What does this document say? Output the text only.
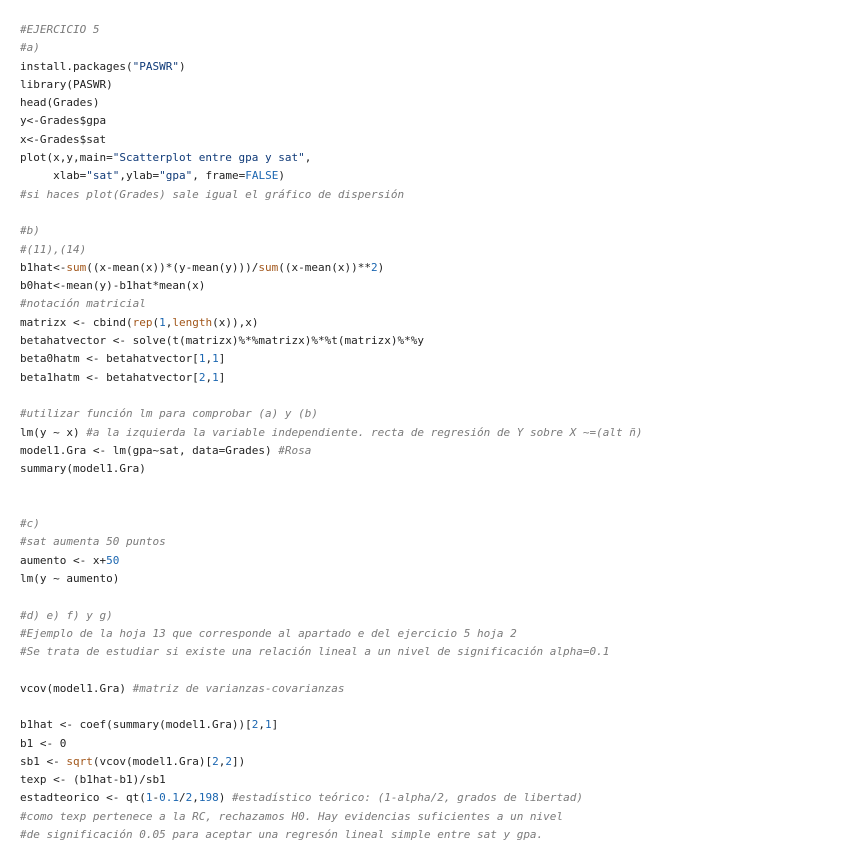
#EJERCICIO 5
#a)
install.packages("PASWR")
library(PASWR)
head(Grades)
y<-Grades$gpa
x<-Grades$sat
plot(x,y,main="Scatterplot entre gpa y sat",
xlab="sat",ylab="gpa", frame=FALSE)
#si haces plot(Grades) sale igual el gráfico de dispersión

#b)
#(11),(14)
b1hat<-sum((x-mean(x))*(y-mean(y)))/sum((x-mean(x))**2)
b0hat<-mean(y)-b1hat*mean(x)
#notación matricial
matrizx <- cbind(rep(1,length(x)),x)
betahatvector <- solve(t(matrizx)%*%matrizx)%*%t(matrizx)%*%y
beta0hatm <- betahatvector[1,1]
beta1hatm <- betahatvector[2,1]

#utilizar función lm para comprobar (a) y (b)
lm(y ~ x) #a la izquierda la variable independiente. recta de regresión de Y sobre X ~=(alt ñ)
model1.Gra <- lm(gpa~sat, data=Grades) #Rosa
summary(model1.Gra)

#c)
#sat aumenta 50 puntos
aumento <- x+50
lm(y ~ aumento)

#d) e) f) y g)
#Ejemplo de la hoja 13 que corresponde al apartado e del ejercicio 5 hoja 2
#Se trata de estudiar si existe una relación lineal a un nivel de significación alpha=0.1

vcov(model1.Gra) #matriz de varianzas-covarianzas

b1hat <- coef(summary(model1.Gra))[2,1]
b1 <- 0
sb1 <- sqrt(vcov(model1.Gra)[2,2])
texp <- (b1hat-b1)/sb1
estadteorico <- qt(1-0.1/2,198) #estadístico teórico: (1-alpha/2, grados de libertad)
#como texp pertenece a la RC, rechazamos H0. Hay evidencias suficientes a un nivel
#de significación 0.05 para aceptar una regresón lineal simple entre sat y gpa.
